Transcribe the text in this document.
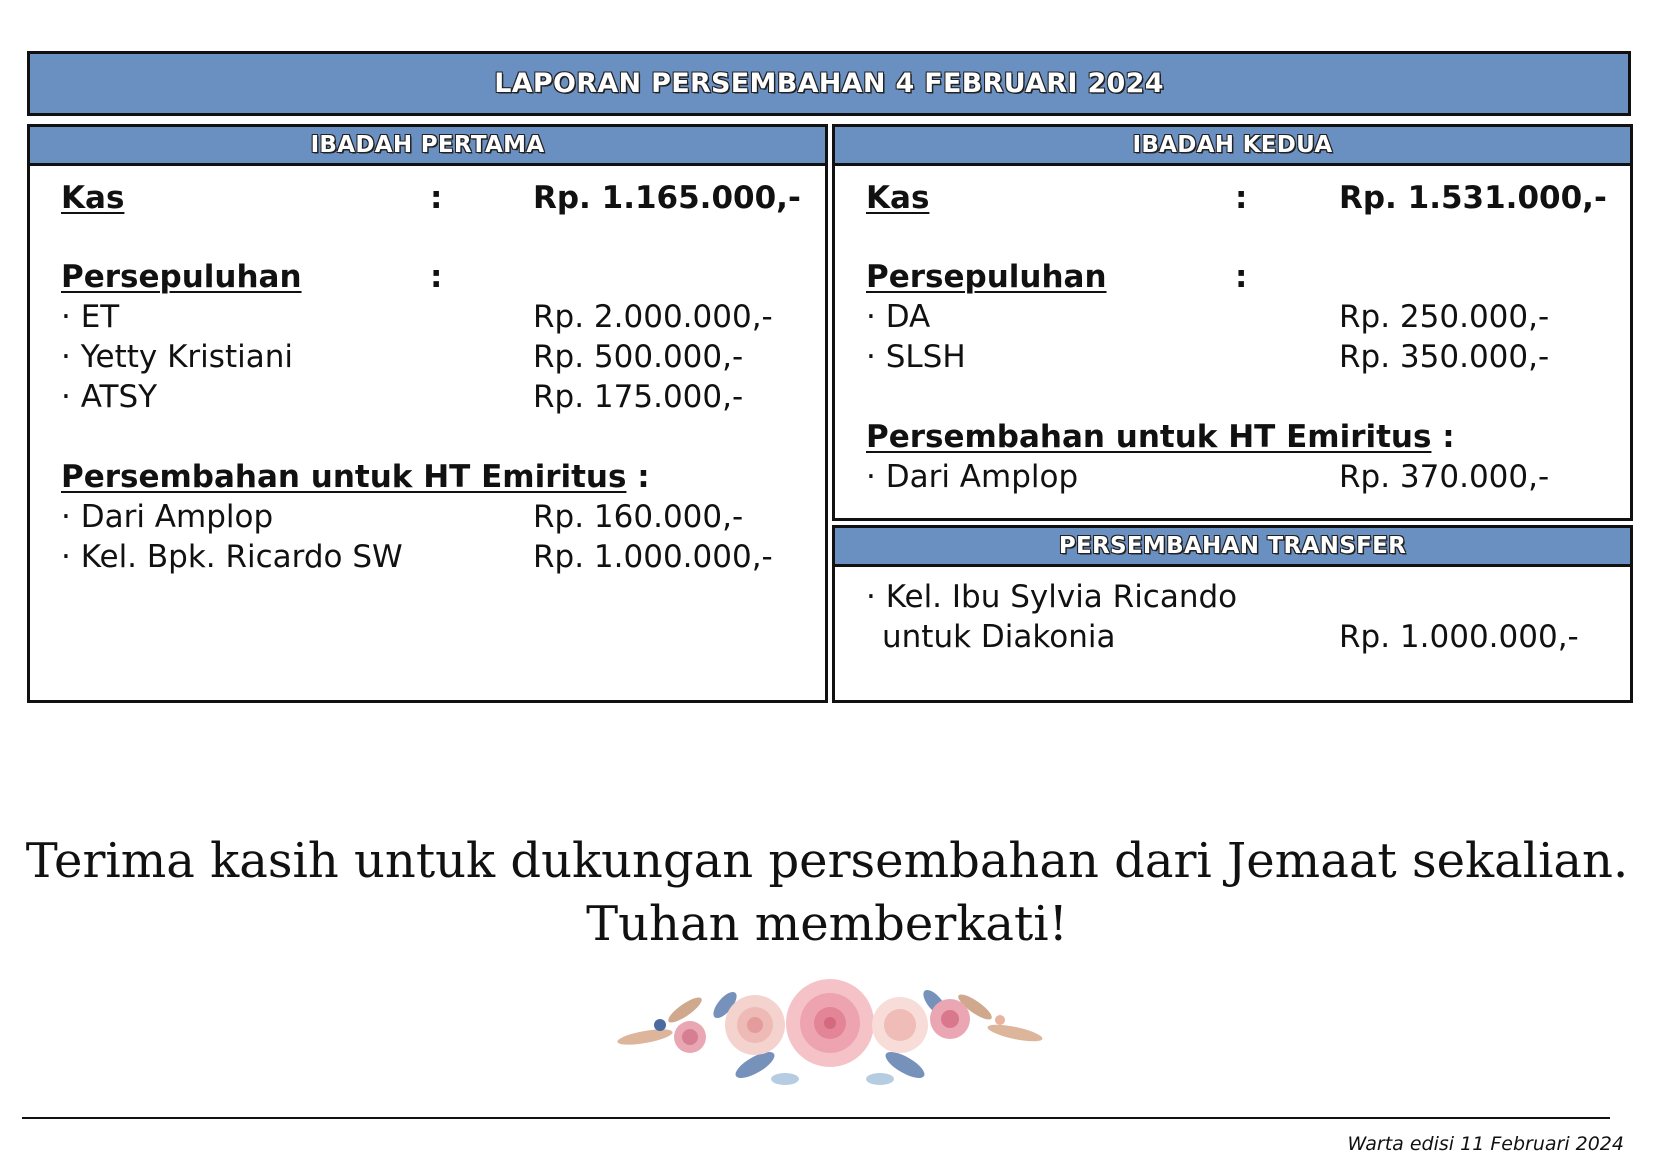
LAPORAN PERSEMBAHAN 4 FEBRUARI 2024
IBADAH PERTAMA
Kas	:	Rp. 1.165.000,-
Persepuluhan	:
· ET	Rp. 2.000.000,-
· Yetty Kristiani	Rp. 500.000,-
· ATSY	Rp. 175.000,-
Persembahan untuk HT Emiritus :
· Dari Amplop	Rp. 160.000,-
· Kel. Bpk. Ricardo SW	Rp. 1.000.000,-
IBADAH KEDUA
Kas	:	Rp. 1.531.000,-
Persepuluhan	:
· DA	Rp. 250.000,-
· SLSH	Rp. 350.000,-
Persembahan untuk HT Emiritus :
· Dari Amplop	Rp. 370.000,-
PERSEMBAHAN TRANSFER
· Kel. Ibu Sylvia Ricando
untuk Diakonia	Rp. 1.000.000,-
Terima kasih untuk dukungan persembahan dari Jemaat sekalian.
Tuhan memberkati!
Warta edisi 11 Februari 2024
